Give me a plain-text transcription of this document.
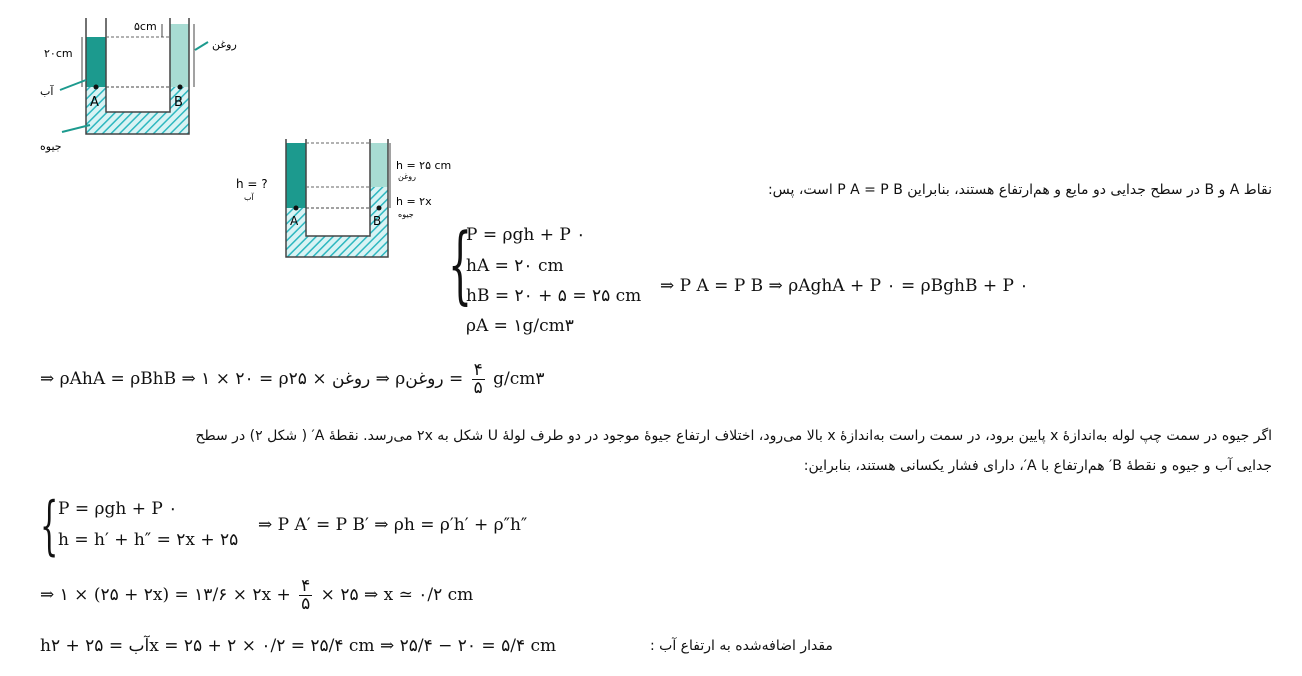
۵cm
۲۰cm
روغن
آب
جیوه
A	B
h = ?
آب
h = ۲۵ cm
روغن
h = ۲x
جیوه
A	B
نقاط A و B در سطح جدایی دو مایع و هم‌ارتفاع هستند، بنابراین P A = P B است، پس:
{
P = ρgh + P ۰
hA = ۲۰ cm
hB = ۲۰ + ۵ = ۲۵ cm
ρA = ۱g/cm۳
⇒ P A = P B ⇒ ρAghA + P ۰ = ρBghB + P ۰
⇒ ρAhA = ρBhB ⇒ ۱ × ۲۰ = ρروغن × ۲۵ ⇒ ρروغن = $\frac{۴}{۵}$ g/cm۳
اگر جیوه در سمت چپ لوله به‌اندازهٔ x پایین برود، در سمت راست به‌اندازهٔ x بالا می‌رود، اختلاف ارتفاع جیوهٔ موجود در دو طرف لولهٔ U شکل به ۲x می‌رسد. نقطهٔ A′ ( شکل ۲) در سطح
جدایی آب و جیوه و نقطهٔ B′ هم‌ارتفاع با A′، دارای فشار یکسانی هستند، بنابراین:
{ P = ρgh + P ۰
h = h′ + h″ = ۲x + ۲۵
⇒ P A′ = P B′ ⇒ ρh = ρ′h′ + ρ″h″
⇒ ۱ × (۲۵ + ۲x) = ۱۳/۶ × ۲x + $\frac{۴}{۵}$ × ۲۵ ⇒ x ≃ ۰/۲ cm
hآب = ۲۵ + ۲x = ۲۵ + ۲ × ۰/۲ = ۲۵/۴ cm ⇒ ۲۵/۴ − ۲۰ = ۵/۴ cm	مقدار اضافه‌شده به ارتفاع آب :
